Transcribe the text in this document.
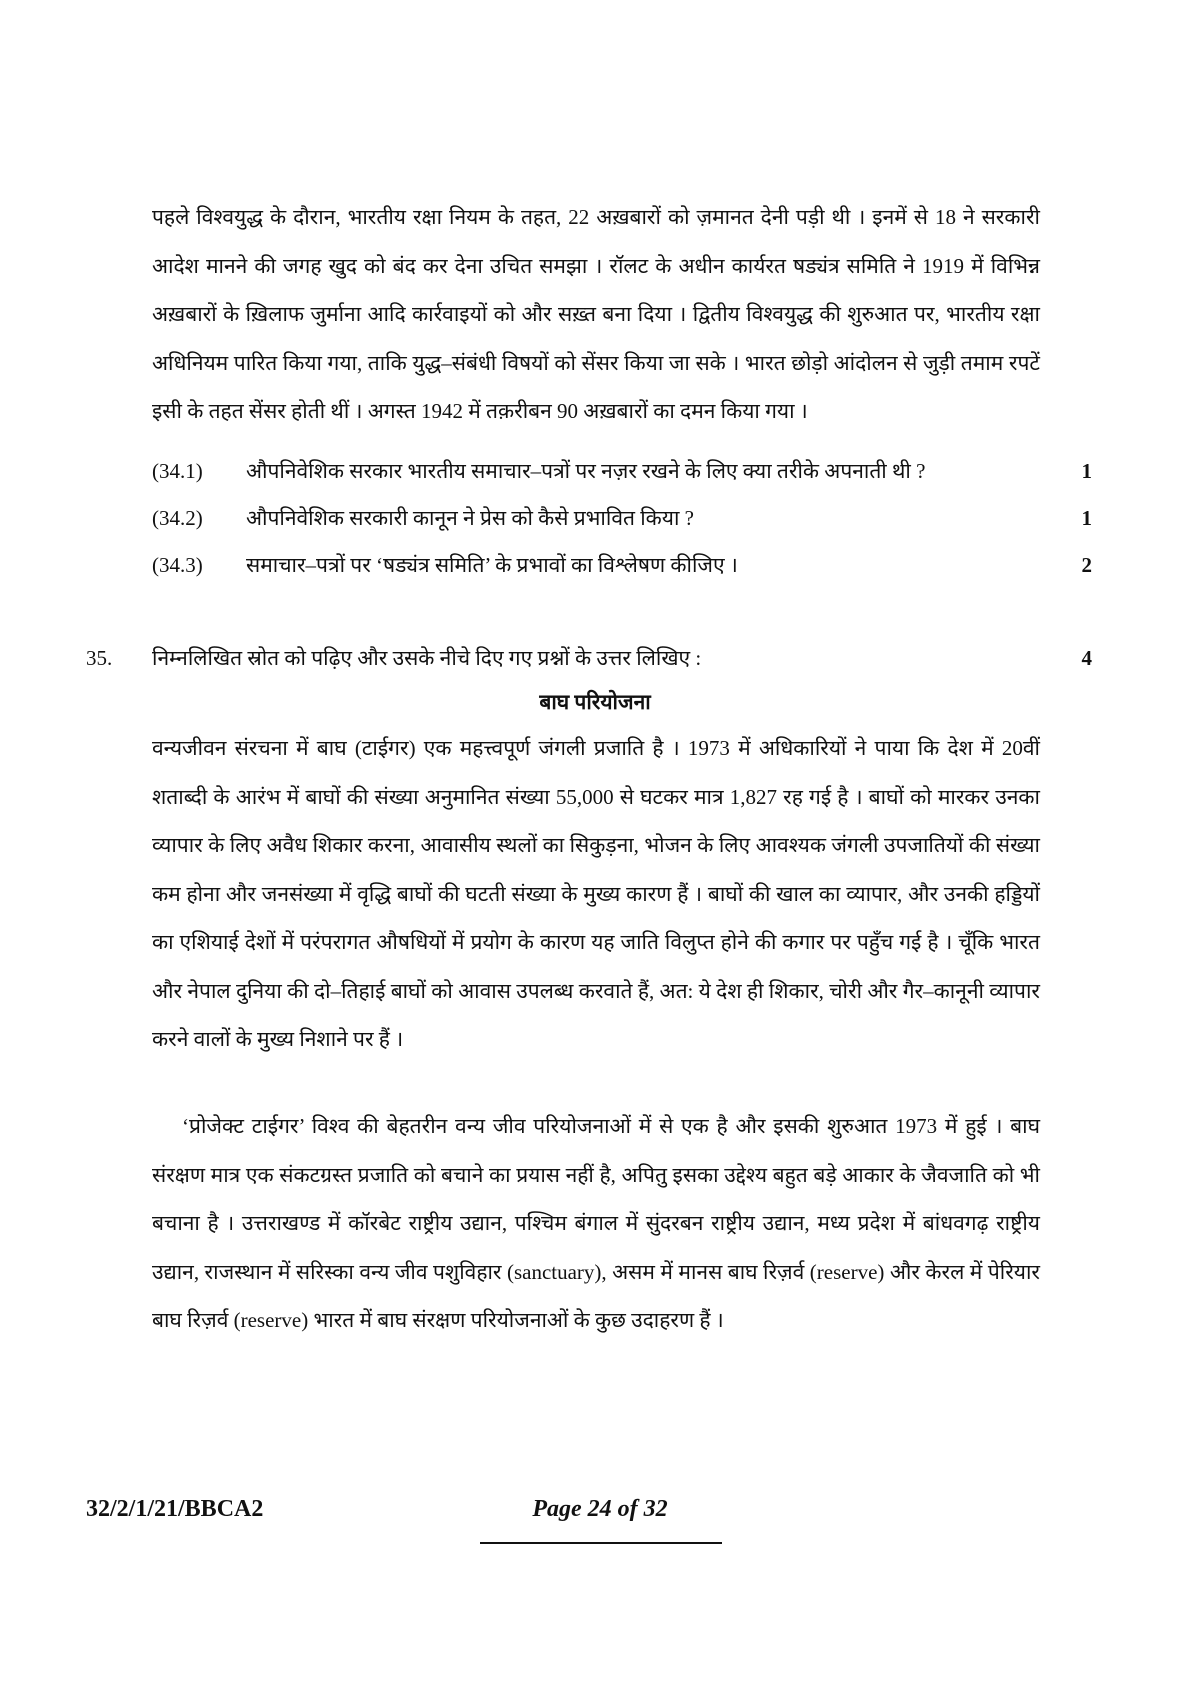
पहले विश्वयुद्ध के दौरान, भारतीय रक्षा नियम के तहत, 22 अख़बारों को ज़मानत देनी पड़ी थी । इनमें से 18 ने सरकारी आदेश मानने की जगह खुद को बंद कर देना उचित समझा । रॉलट के अधीन कार्यरत षड्यंत्र समिति ने 1919 में विभिन्न अख़बारों के ख़िलाफ जुर्माना आदि कार्रवाइयों को और सख़्त बना दिया । द्वितीय विश्वयुद्ध की शुरुआत पर, भारतीय रक्षा अधिनियम पारित किया गया, ताकि युद्ध–संबंधी विषयों को सेंसर किया जा सके । भारत छोड़ो आंदोलन से जुड़ी तमाम रपटें इसी के तहत सेंसर होती थीं । अगस्त 1942 में तक़रीबन 90 अख़बारों का दमन किया गया ।
(34.1)	औपनिवेशिक सरकार भारतीय समाचार–पत्रों पर नज़र रखने के लिए क्या तरीके अपनाती थी ?	1
(34.2)	औपनिवेशिक सरकारी कानून ने प्रेस को कैसे प्रभावित किया ?	1
(34.3)	समाचार–पत्रों पर ‘षड्यंत्र समिति’ के प्रभावों का विश्लेषण कीजिए ।	2
35.	निम्नलिखित स्रोत को पढ़िए और उसके नीचे दिए गए प्रश्नों के उत्तर लिखिए :	4
बाघ परियोजना
वन्यजीवन संरचना में बाघ (टाईगर) एक महत्त्वपूर्ण जंगली प्रजाति है । 1973 में अधिकारियों ने पाया कि देश में 20वीं शताब्दी के आरंभ में बाघों की संख्या अनुमानित संख्या 55,000 से घटकर मात्र 1,827 रह गई है । बाघों को मारकर उनका व्यापार के लिए अवैध शिकार करना, आवासीय स्थलों का सिकुड़ना, भोजन के लिए आवश्यक जंगली उपजातियों की संख्या कम होना और जनसंख्या में वृद्धि बाघों की घटती संख्या के मुख्य कारण हैं । बाघों की खाल का व्यापार, और उनकी हड्डियों का एशियाई देशों में परंपरागत औषधियों में प्रयोग के कारण यह जाति विलुप्त होने की कगार पर पहुँच गई है । चूँकि भारत और नेपाल दुनिया की दो–तिहाई बाघों को आवास उपलब्ध करवाते हैं, अत: ये देश ही शिकार, चोरी और गैर–कानूनी व्यापार करने वालों के मुख्य निशाने पर हैं ।
‘प्रोजेक्ट टाईगर’ विश्व की बेहतरीन वन्य जीव परियोजनाओं में से एक है और इसकी शुरुआत 1973 में हुई । बाघ संरक्षण मात्र एक संकटग्रस्त प्रजाति को बचाने का प्रयास नहीं है, अपितु इसका उद्देश्य बहुत बड़े आकार के जैवजाति को भी बचाना है । उत्तराखण्ड में कॉरबेट राष्ट्रीय उद्यान, पश्चिम बंगाल में सुंदरबन राष्ट्रीय उद्यान, मध्य प्रदेश में बांधवगढ़ राष्ट्रीय उद्यान, राजस्थान में सरिस्का वन्य जीव पशुविहार (sanctuary), असम में मानस बाघ रिज़र्व (reserve) और केरल में पेरियार बाघ रिज़र्व (reserve) भारत में बाघ संरक्षण परियोजनाओं के कुछ उदाहरण हैं ।
32/2/1/21/BBCA2	Page 24 of 32
